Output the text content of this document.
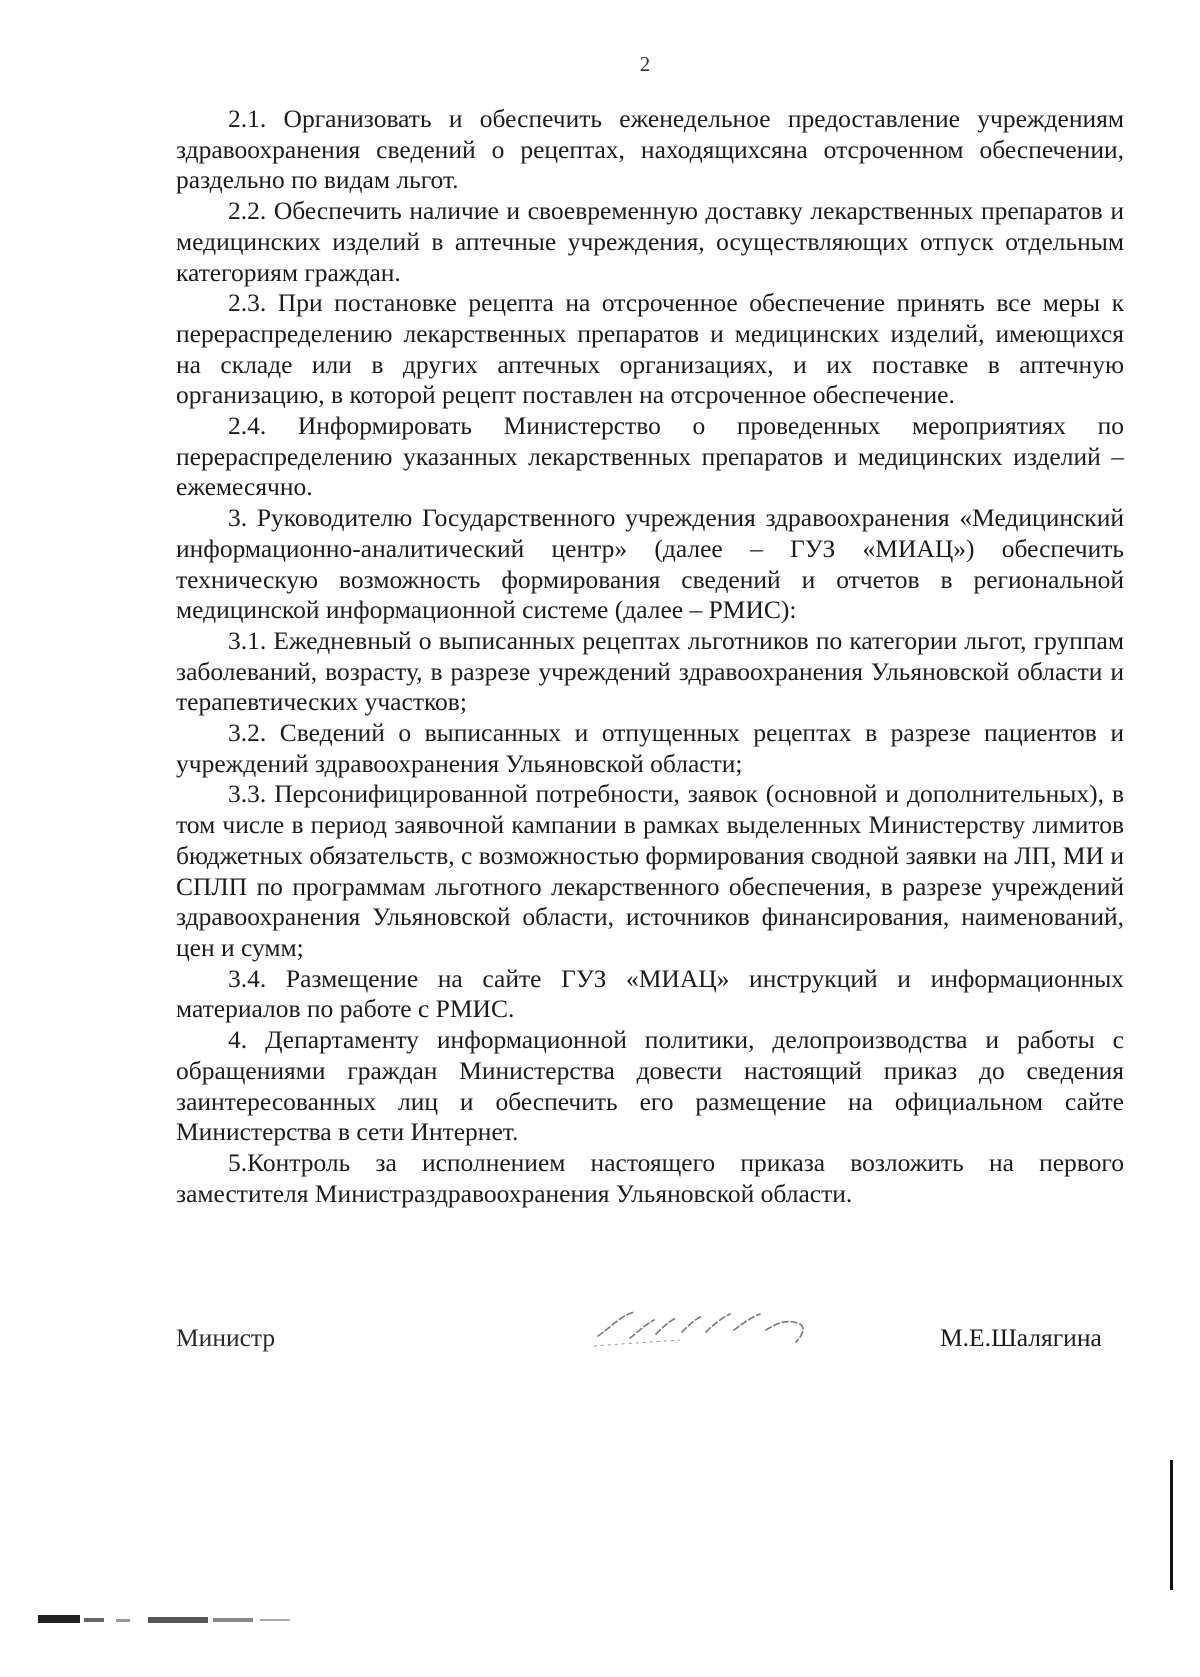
2

2.1. Организовать и обеспечить еженедельное предоставление учреждениям здравоохранения сведений о рецептах, находящихсяна отсроченном обеспечении, раздельно по видам льгот.

2.2. Обеспечить наличие и своевременную доставку лекарственных препаратов и медицинских изделий в аптечные учреждения, осуществляющих отпуск отдельным категориям граждан.

2.3. При постановке рецепта на отсроченное обеспечение принять все меры к перераспределению лекарственных препаратов и медицинских изделий, имеющихся на складе или в других аптечных организациях, и их поставке в аптечную организацию, в которой рецепт поставлен на отсроченное обеспечение.

2.4. Информировать Министерство о проведенных мероприятиях по перераспределению указанных лекарственных препаратов и медицинских изделий – ежемесячно.

3. Руководителю Государственного учреждения здравоохранения «Медицинский информационно-аналитический центр» (далее – ГУЗ «МИАЦ») обеспечить техническую возможность формирования сведений и отчетов в региональной медицинской информационной системе (далее – РМИС):

3.1. Ежедневный о выписанных рецептах льготников по категории льгот, группам заболеваний, возрасту, в разрезе учреждений здравоохранения Ульяновской области и терапевтических участков;

3.2. Сведений о выписанных и отпущенных рецептах в разрезе пациентов и учреждений здравоохранения Ульяновской области;

3.3. Персонифицированной потребности, заявок (основной и дополнительных), в том числе в период заявочной кампании в рамках выделенных Министерству лимитов бюджетных обязательств, с возможностью формирования сводной заявки на ЛП, МИ и СПЛП по программам льготного лекарственного обеспечения, в разрезе учреждений здравоохранения Ульяновской области, источников финансирования, наименований, цен и сумм;

3.4. Размещение на сайте ГУЗ «МИАЦ» инструкций и информационных материалов по работе с РМИС.

4. Департаменту информационной политики, делопроизводства и работы с обращениями граждан Министерства довести настоящий приказ до сведения заинтересованных лиц и обеспечить его размещение на официальном сайте Министерства в сети Интернет.

5.Контроль за исполнением настоящего приказа возложить на первого заместителя Министраздравоохранения Ульяновской области.

Министр	М.Е.Шалягина
